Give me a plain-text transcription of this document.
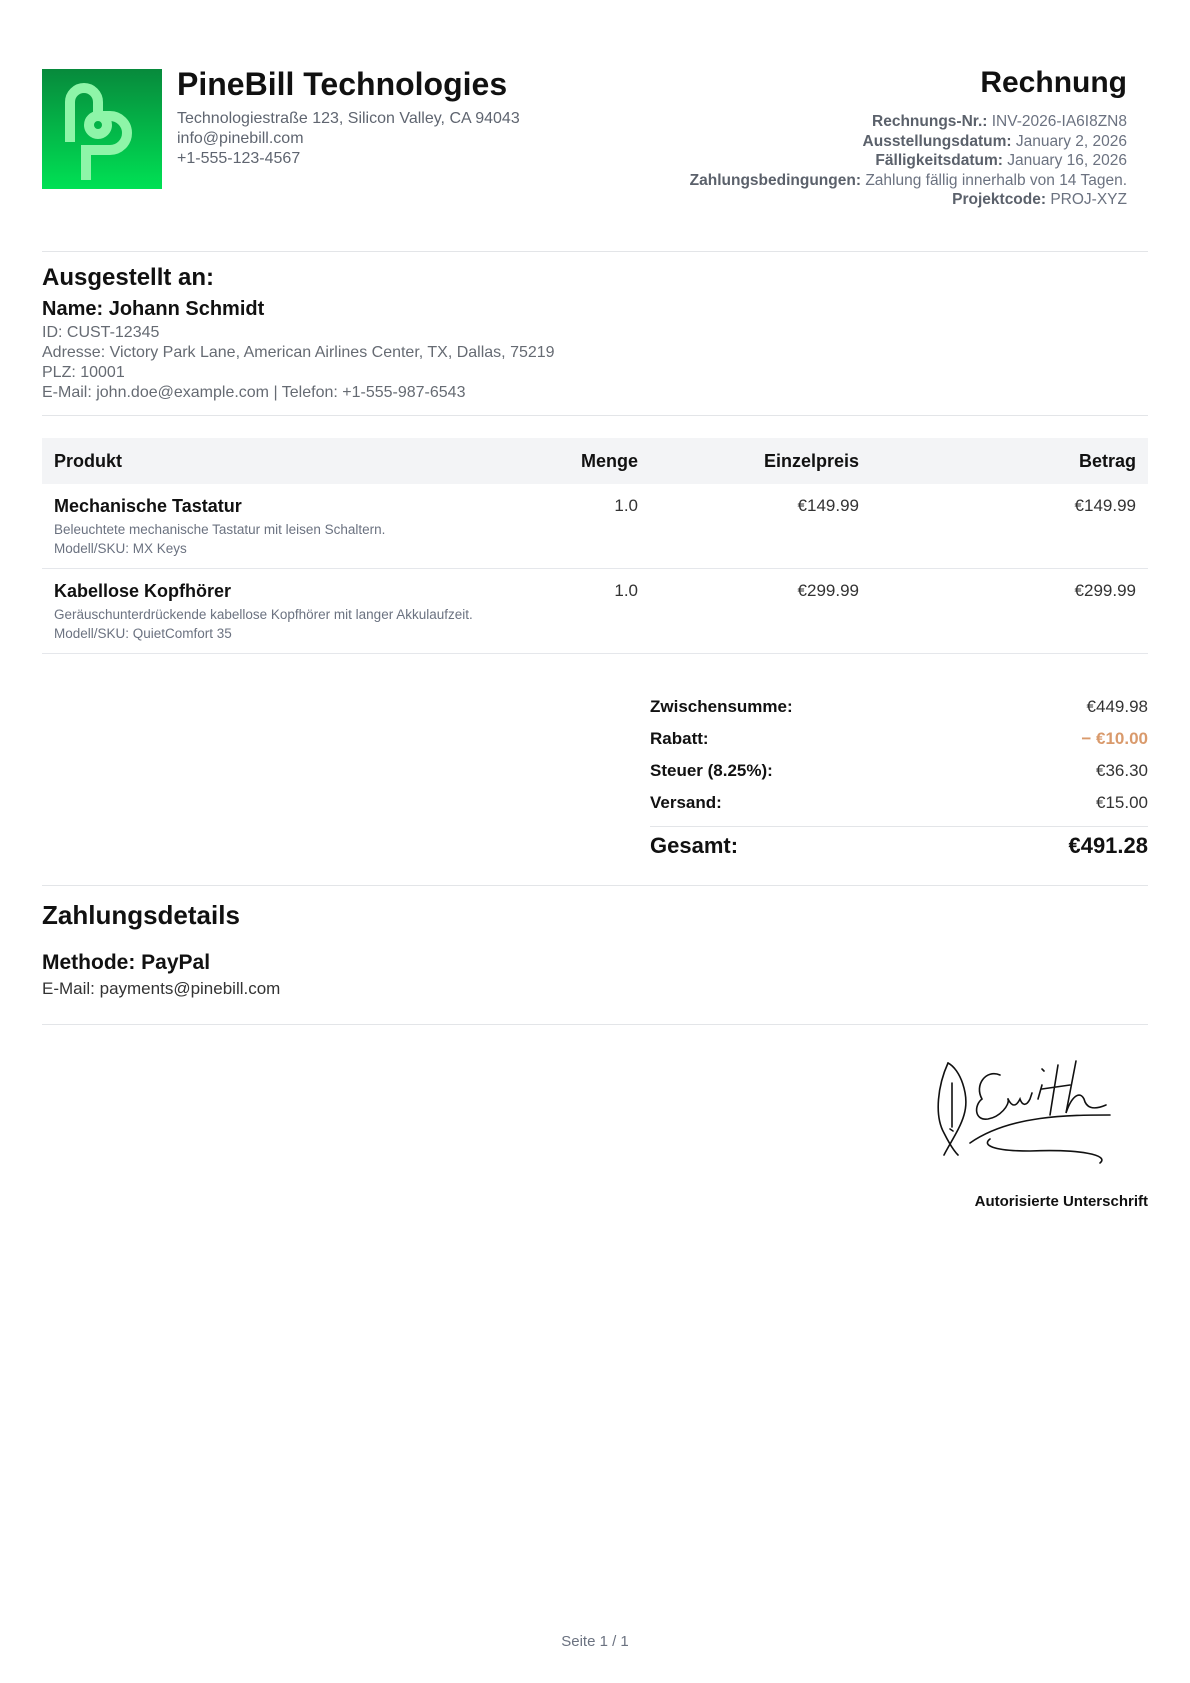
PineBill Technologies
Technologiestraße 123, Silicon Valley, CA 94043
info@pinebill.com
+1-555-123-4567
Rechnung
Rechnungs-Nr.: INV-2026-IA6I8ZN8
Ausstellungsdatum: January 2, 2026
Fälligkeitsdatum: January 16, 2026
Zahlungsbedingungen: Zahlung fällig innerhalb von 14 Tagen.
Projektcode: PROJ-XYZ
Ausgestellt an:
Name: Johann Schmidt
ID: CUST-12345
Adresse: Victory Park Lane, American Airlines Center, TX, Dallas, 75219
PLZ: 10001
E-Mail: john.doe@example.com | Telefon: +1-555-987-6543
Produkt	Menge	Einzelpreis	Betrag

Mechanische Tastatur
Beleuchtete mechanische Tastatur mit leisen Schaltern.
Modell/SKU: MX Keys	1.0	€149.99	€149.99

Kabellose Kopfhörer
Geräuschunterdrückende kabellose Kopfhörer mit langer Akkulaufzeit.
Modell/SKU: QuietComfort 35	1.0	€299.99	€299.99
Zwischensumme:	€449.98
Rabatt:	− €10.00
Steuer (8.25%):	€36.30
Versand:	€15.00
Gesamt:	€491.28
Zahlungsdetails
Methode: PayPal
E-Mail: payments@pinebill.com
Autorisierte Unterschrift
Seite 1 / 1
